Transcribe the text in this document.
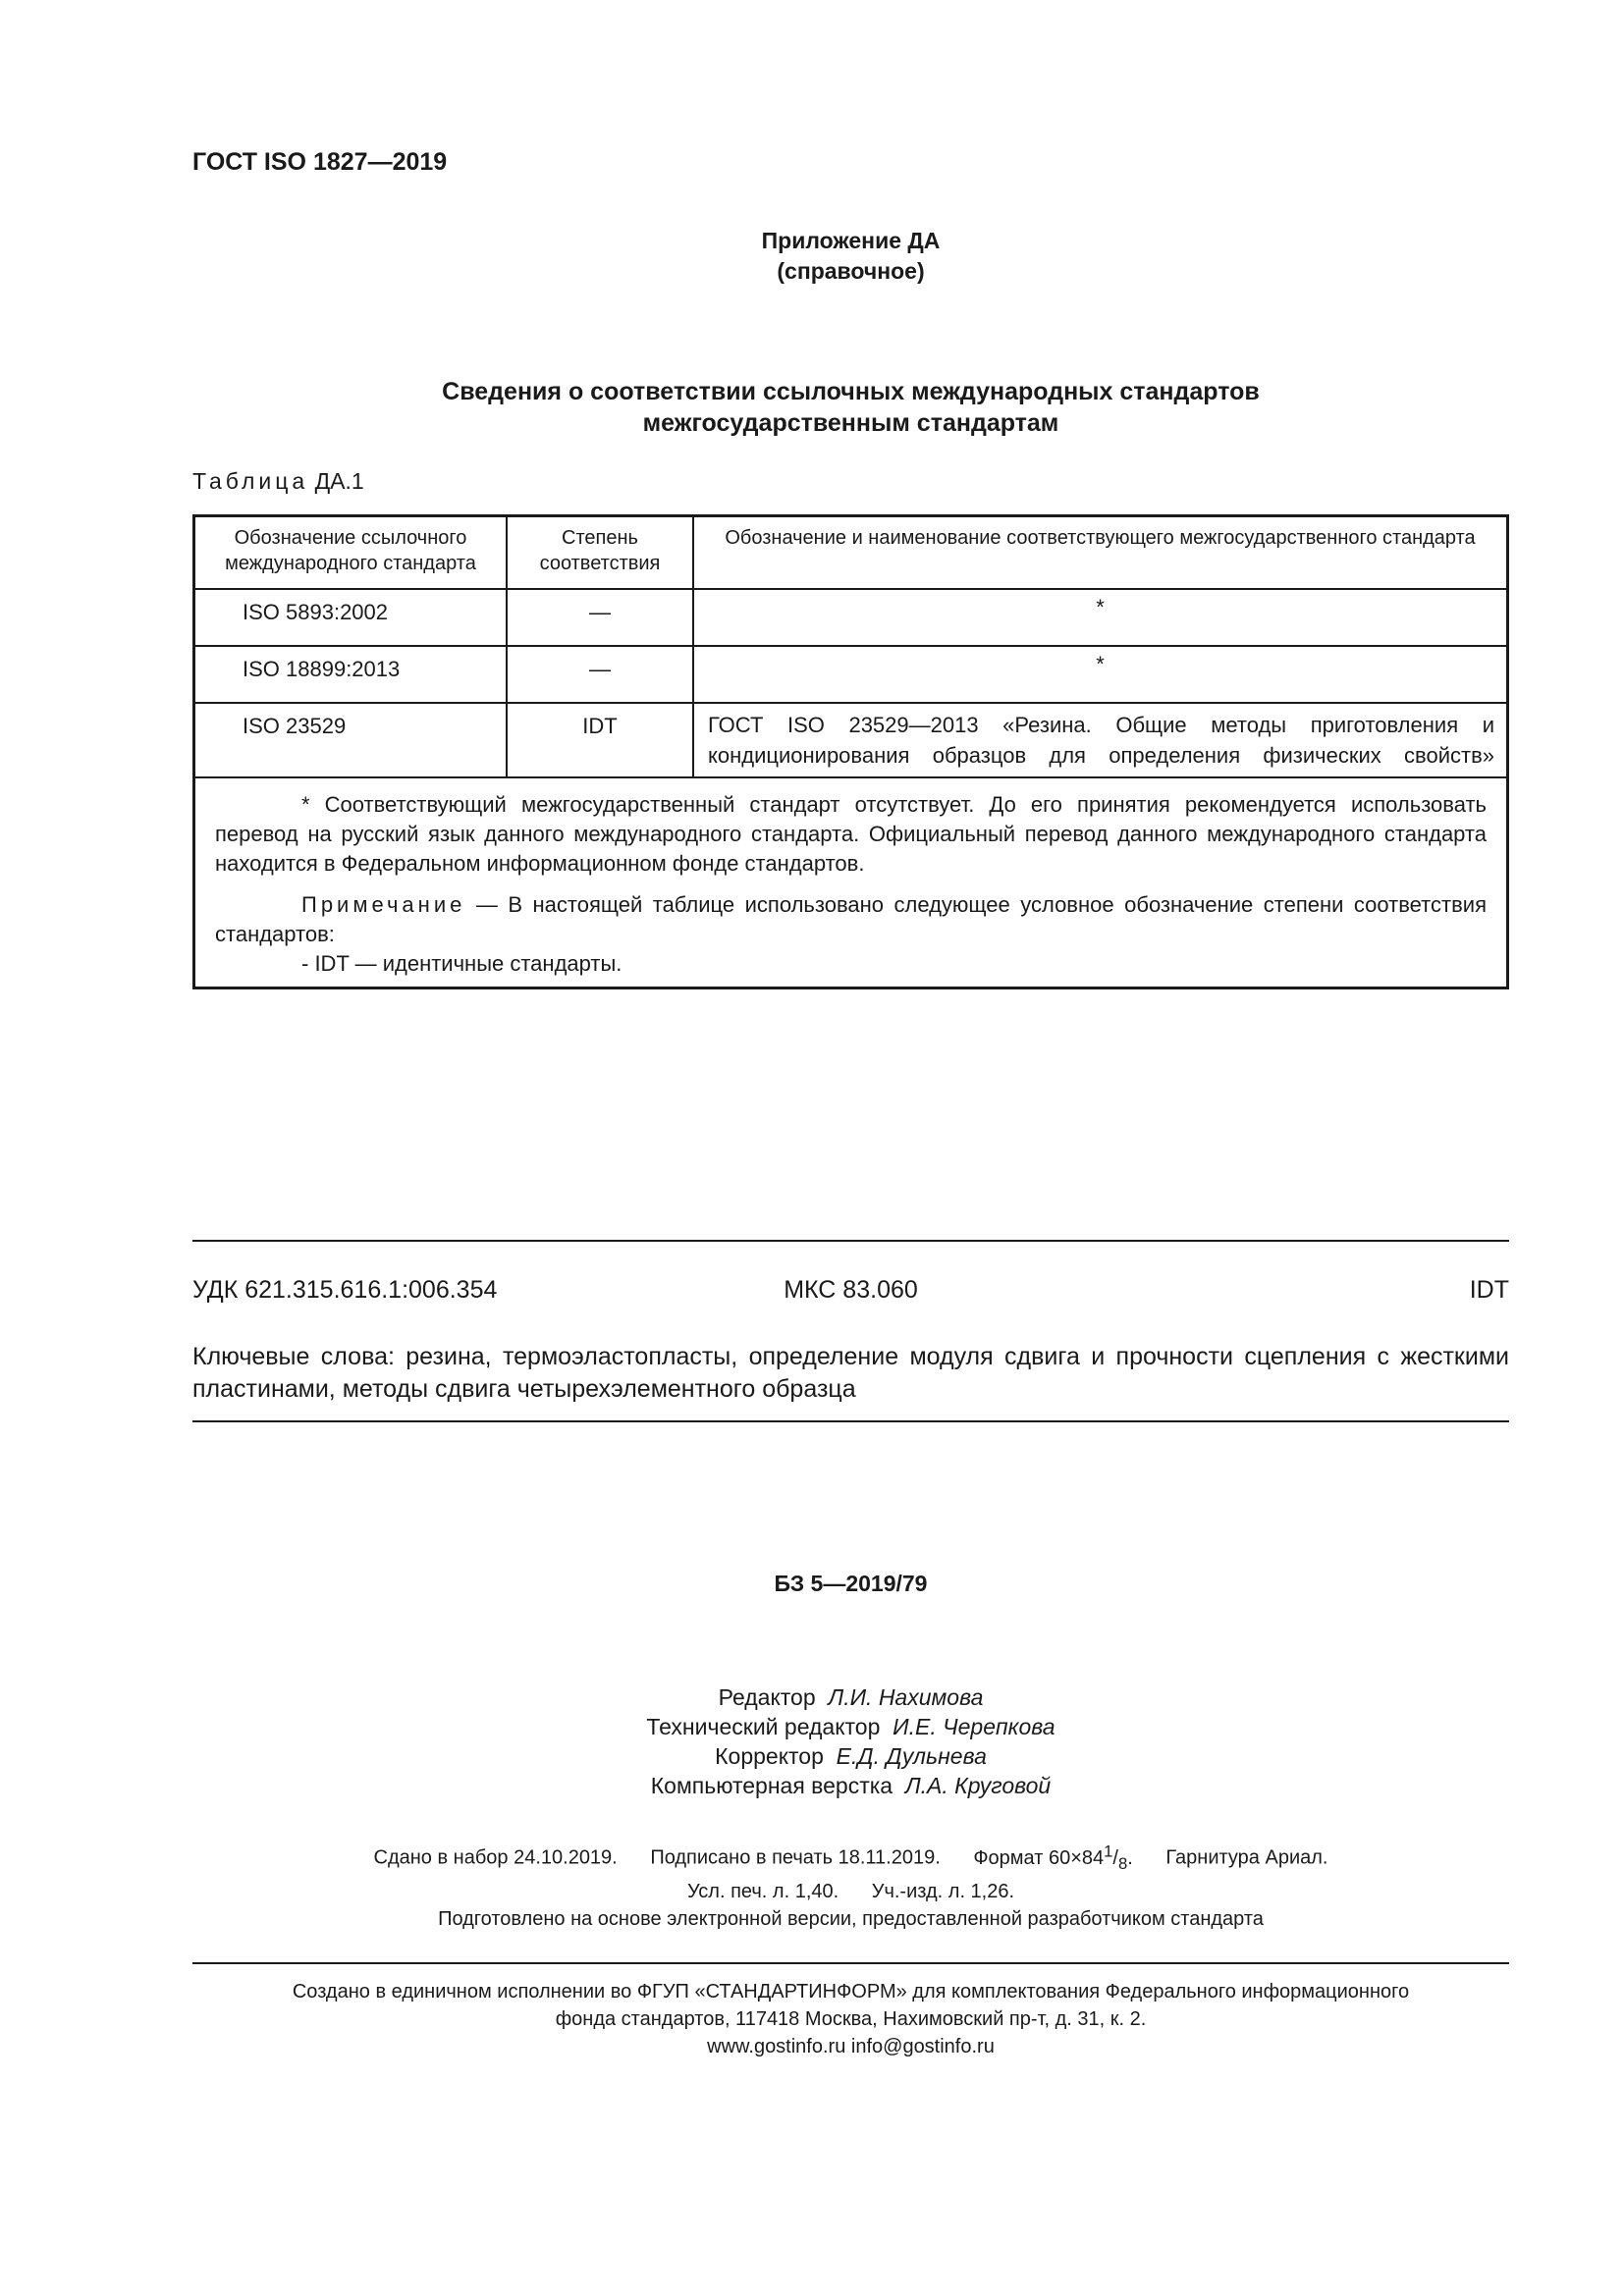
ГОСТ ISO 1827—2019
Приложение ДА
(справочное)
Сведения о соответствии ссылочных международных стандартов
межгосударственным стандартам
Таблица ДА.1
Обозначение ссылочного международного стандарта	Степень соответствия	Обозначение и наименование соответствующего межгосударственного стандарта
ISO 5893:2002	—	*
ISO 18899:2013	—	*
ISO 23529	IDT	ГОСТ ISO 23529—2013 «Резина. Общие методы приготовления и кондиционирования образцов для определения физических свойств»

* Соответствующий межгосударственный стандарт отсутствует. До его принятия рекомендуется использовать перевод на русский язык данного международного стандарта. Официальный перевод данного международного стандарта находится в Федеральном информационном фонде стандартов.

Примечание — В настоящей таблице использовано следующее условное обозначение степени соответствия стандартов:

- IDT — идентичные стандарты.		

МКС 83.060
УДК 621.315.616.1:006.354	IDT
Ключевые слова: резина, термоэластопласты, определение модуля сдвига и прочности сцепления с жесткими пластинами, методы сдвига четырехэлементного образца
БЗ 5—2019/79
Редактор Л.И. Нахимова
Технический редактор И.Е. Черепкова
Корректор Е.Д. Дульнева
Компьютерная верстка Л.А. Круговой
Сдано в набор 24.10.2019. Подписано в печать 18.11.2019. Формат $60\times 84^1/_8$. Гарнитура Ариал.
Усл. печ. л. 1,40. Уч.-изд. л. 1,26.
Подготовлено на основе электронной версии, предоставленной разработчиком стандарта
Создано в единичном исполнении во ФГУП «СТАНДАРТИНФОРМ» для комплектования Федерального информационного
фонда стандартов, 117418 Москва, Нахимовский пр-т, д. 31, к. 2.
www.gostinfo.ru info@gostinfo.ru
